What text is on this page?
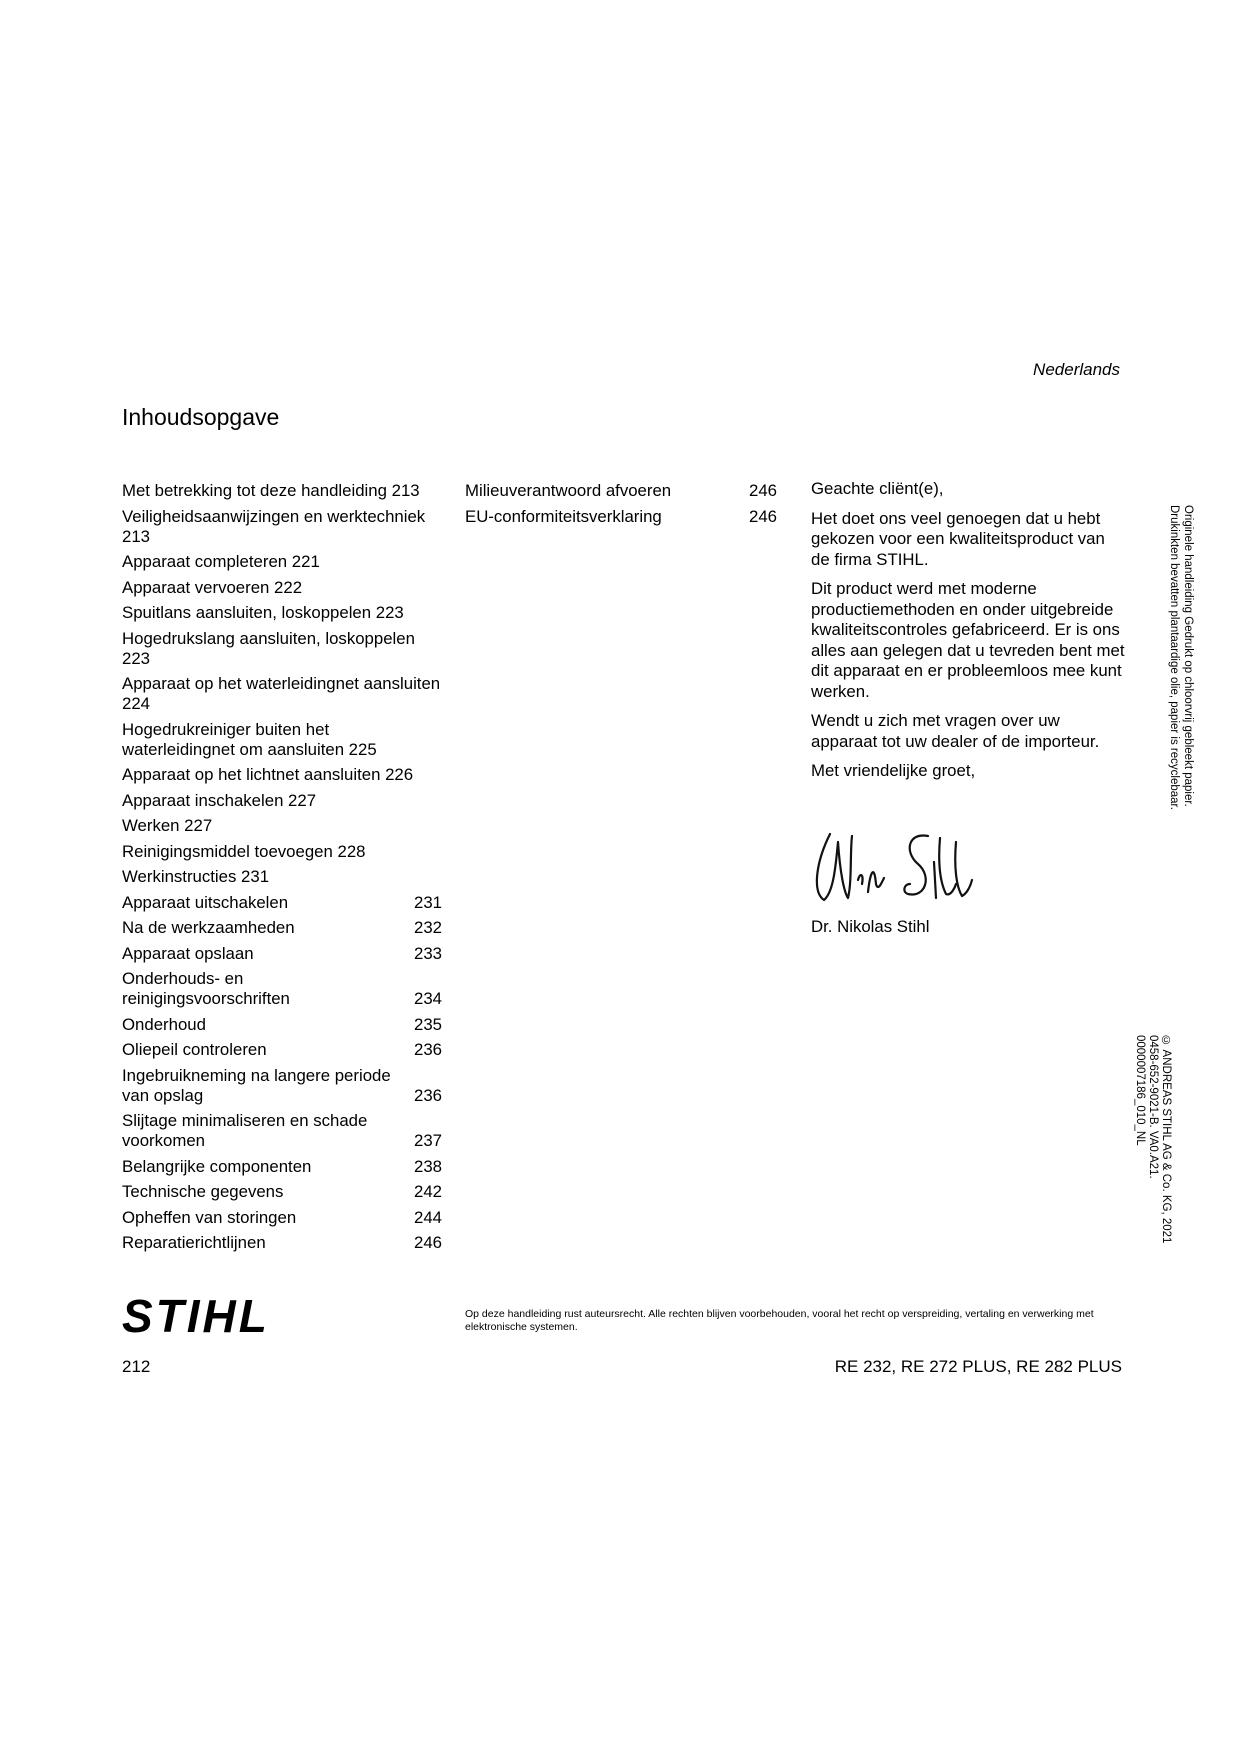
Nederlands
Inhoudsopgave
Met betrekking tot deze handleiding 213
Veiligheidsaanwijzingen en werktechniek 213
Apparaat completeren 221
Apparaat vervoeren 222
Spuitlans aansluiten, loskoppelen 223
Hogedrukslang aansluiten, loskoppelen 223
Apparaat op het waterleidingnet aansluiten 224
Hogedrukreiniger buiten het waterleidingnet om aansluiten 225
Apparaat op het lichtnet aansluiten 226
Apparaat inschakelen 227
Werken 227
Reinigingsmiddel toevoegen 228
Werkinstructies 231
Apparaat uitschakelen	231
Na de werkzaamheden	232
Apparaat opslaan	233
Onderhouds- en reinigingsvoorschriften	234
Onderhoud	235
Oliepeil controleren	236
Ingebruikneming na langere periode van opslag	236
Slijtage minimaliseren en schade voorkomen	237
Belangrijke componenten	238
Technische gegevens	242
Opheffen van storingen	244
Reparatierichtlijnen	246
Milieuverantwoord afvoeren	246
EU-conformiteitsverklaring	246

Geachte cliënt(e),

Het doet ons veel genoegen dat u hebt gekozen voor een kwaliteitsproduct van de firma STIHL.

Dit product werd met moderne productiemethoden en onder uitgebreide kwaliteitscontroles gefabriceerd. Er is ons alles aan gelegen dat u tevreden bent met dit apparaat en er probleemloos mee kunt werken.

Wendt u zich met vragen over uw apparaat tot uw dealer of de importeur.

Met vriendelijke groet,

Dr. Nikolas Stihl
Originele handleiding Gedrukt op chloorvrij gebleekt papier.
Drukinkten bevatten plantaardige olie, papier is recyclebaar.
© ANDREAS STIHL AG & Co. KG, 2021
0458-652-9021-B. VA0.A21.
0000007186_010_NL
STIHL	Op deze handleiding rust auteursrecht. Alle rechten blijven voorbehouden, vooral het recht op verspreiding, vertaling en verwerking met elektronische systemen.
212	RE 232, RE 272 PLUS, RE 282 PLUS
